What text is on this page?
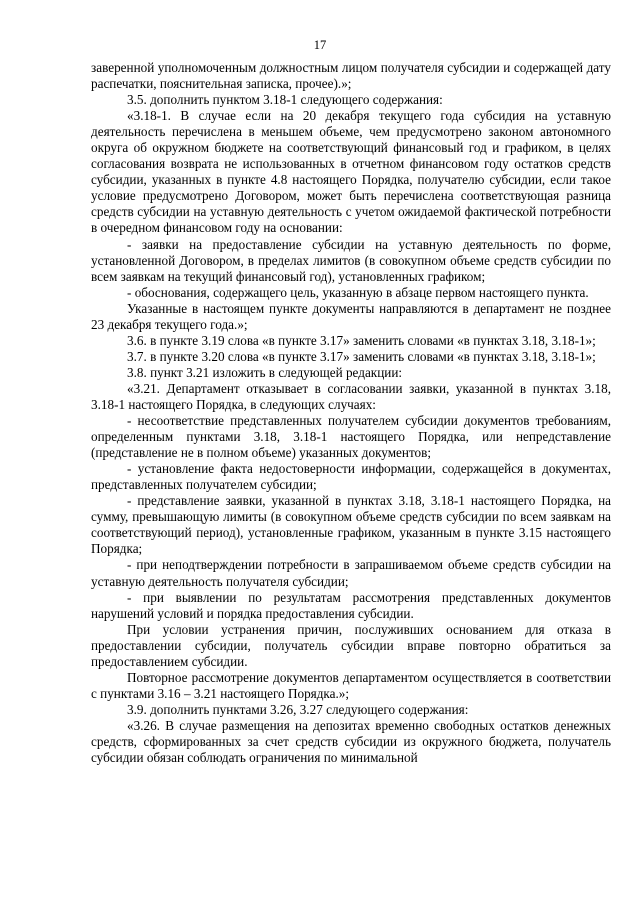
17

заверенной уполномоченным должностным лицом получателя субсидии и содержащей дату распечатки, пояснительная записка, прочее).»;

3.5. дополнить пунктом 3.18-1 следующего содержания:

«3.18-1. В случае если на 20 декабря текущего года субсидия на уставную деятельность перечислена в меньшем объеме, чем предусмотрено законом автономного округа об окружном бюджете на соответствующий финансовый год и графиком, в целях согласования возврата не использованных в отчетном финансовом году остатков средств субсидии, указанных в пункте 4.8 настоящего Порядка, получателю субсидии, если такое условие предусмотрено Договором, может быть перечислена соответствующая разница средств субсидии на уставную деятельность с учетом ожидаемой фактической потребности в очередном финансовом году на основании:

- заявки на предоставление субсидии на уставную деятельность по форме, установленной Договором, в пределах лимитов (в совокупном объеме средств субсидии по всем заявкам на текущий финансовый год), установленных графиком;

- обоснования, содержащего цель, указанную в абзаце первом настоящего пункта.

Указанные в настоящем пункте документы направляются в департамент не позднее 23 декабря текущего года.»;

3.6. в пункте 3.19 слова «в пункте 3.17» заменить словами «в пунктах 3.18, 3.18-1»;

3.7. в пункте 3.20 слова «в пункте 3.17» заменить словами «в пунктах 3.18, 3.18-1»;

3.8. пункт 3.21 изложить в следующей редакции:

«3.21. Департамент отказывает в согласовании заявки, указанной в пунктах 3.18, 3.18-1 настоящего Порядка, в следующих случаях:

- несоответствие представленных получателем субсидии документов требованиям, определенным пунктами 3.18, 3.18-1 настоящего Порядка, или непредставление (представление не в полном объеме) указанных документов;

- установление факта недостоверности информации, содержащейся в документах, представленных получателем субсидии;

- представление заявки, указанной в пунктах 3.18, 3.18-1 настоящего Порядка, на сумму, превышающую лимиты (в совокупном объеме средств субсидии по всем заявкам на соответствующий период), установленные графиком, указанным в пункте 3.15 настоящего Порядка;

- при неподтверждении потребности в запрашиваемом объеме средств субсидии на уставную деятельность получателя субсидии;

- при выявлении по результатам рассмотрения представленных документов нарушений условий и порядка предоставления субсидии.

При условии устранения причин, послуживших основанием для отказа в предоставлении субсидии, получатель субсидии вправе повторно обратиться за предоставлением субсидии.

Повторное рассмотрение документов департаментом осуществляется в соответствии с пунктами 3.16 – 3.21 настоящего Порядка.»;

3.9. дополнить пунктами 3.26, 3.27 следующего содержания:

«3.26. В случае размещения на депозитах временно свободных остатков денежных средств, сформированных за счет средств субсидии из окружного бюджета, получатель субсидии обязан соблюдать ограничения по минимальной
